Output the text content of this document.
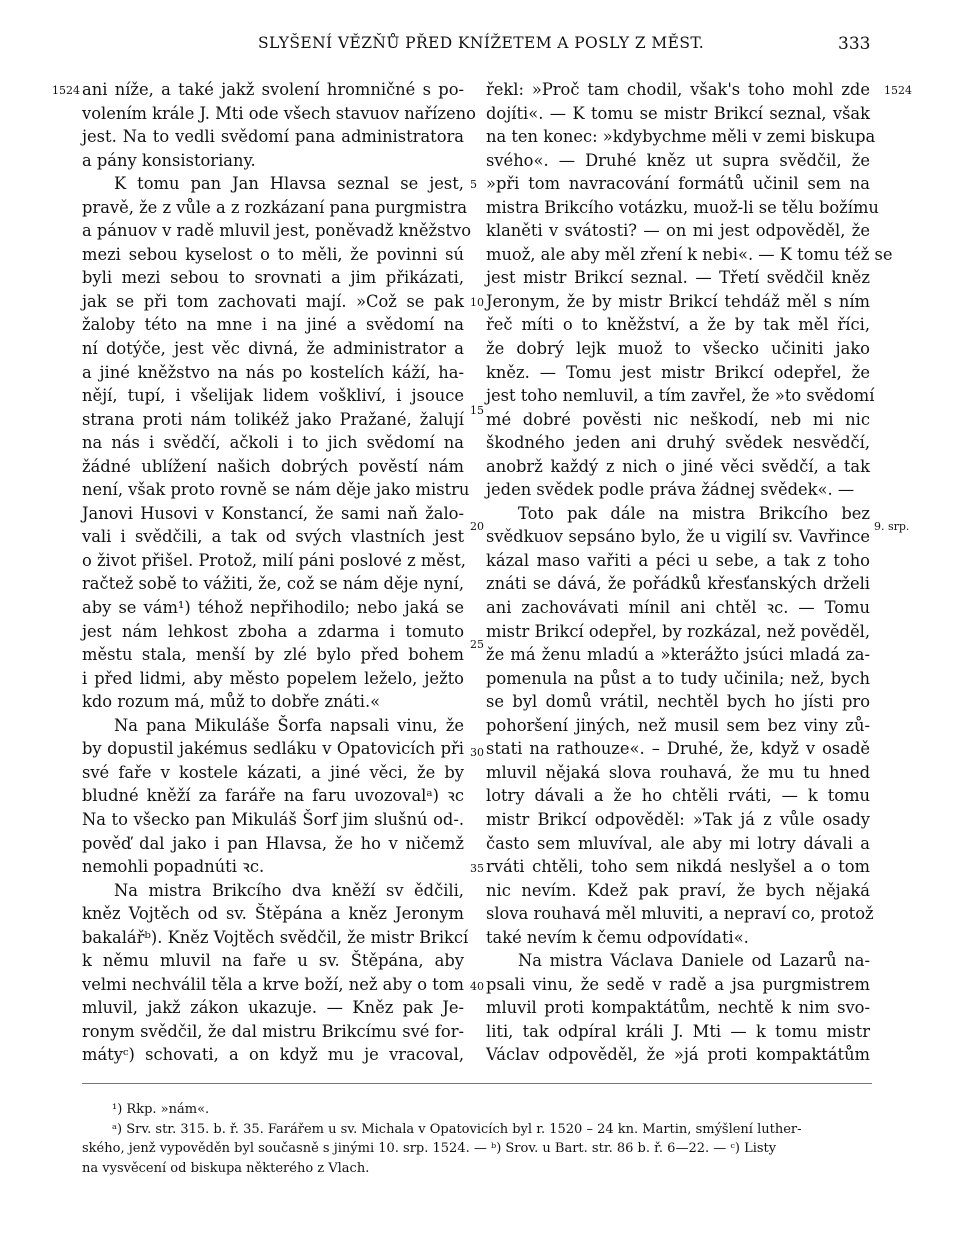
SLYŠENÍ VĚZŇŮ PŘED KNÍŽETEM A POSLY Z MĚST.	333
1524	1524
9. srp.
5
10
15
20
25
30
35
40
ani níže, a také jakž svolení hromničné s po-
volením krále J. Mti ode všech stavuov nařízeno
jest. Na to vedli svědomí pana administratora
a pány konsistoriany.
K tomu pan Jan Hlavsa seznal se jest,
pravě, že z vůle a z rozkázaní pana purgmistra
a pánuov v radě mluvil jest, poněvadž kněžstvo
mezi sebou kyselost o to měli, že povinni sú
byli mezi sebou to srovnati a jim přikázati,
jak se při tom zachovati mají. »Což se pak
žaloby této na mne i na jiné a svědomí na
ní dotýče, jest věc divná, že administrator a
a jiné kněžstvo na nás po kostelích káží, ha-
nějí, tupí, i všelijak lidem voškliví, i jsouce
strana proti nám tolikéž jako Pražané, žalují
na nás i svědčí, ačkoli i to jich svědomí na
žádné ublížení našich dobrých pověstí nám
není, však proto rovně se nám děje jako mistru
Janovi Husovi v Konstancí, že sami naň žalo-
vali i svědčili, a tak od svých vlastních jest
o život přišel. Protož, milí páni poslové z měst,
račtež sobě to vážiti, že, což se nám děje nyní,
aby se vám¹) téhož nepřihodilo; nebo jaká se
jest nám lehkost zboha a zdarma i tomuto
městu stala, menší by zlé bylo před bohem
i před lidmi, aby město popelem leželo, ježto
kdo rozum má, můž to dobře znáti.«
Na pana Mikuláše Šorfa napsali vinu, že
by dopustil jakémus sedláku v Opatovicích při
své faře v kostele kázati, a jiné věci, že by
bludné kněží za faráře na faru uvozovalᵃ) ꝛc
Na to všecko pan Mikuláš Šorf jim slušnú od-.
pověď dal jako i pan Hlavsa, že ho v ničemž
nemohli popadnúti ꝛc.
Na mistra Brikcího dva kněží sv ědčili,
kněz Vojtěch od sv. Štěpána a kněz Jeronym
bakalářᵇ). Kněz Vojtěch svědčil, že mistr Brikcí
k němu mluvil na faře u sv. Štěpána, aby
velmi nechválil těla a krve boží, než aby o tom
mluvil, jakž zákon ukazuje. — Kněz pak Je-
ronym svědčil, že dal mistru Brikcímu své for-
mátyᶜ) schovati, a on když mu je vracoval,
řekl: »Proč tam chodil, však's toho mohl zde
dojíti«. — K tomu se mistr Brikcí seznal, však
na ten konec: »kdybychme měli v zemi biskupa
svého«. — Druhé kněz ut supra svědčil, že
»při tom navracování formátů učinil sem na
mistra Brikcího votázku, muož-li se tělu božímu
klaněti v svátosti? — on mi jest odpověděl, že
muož, ale aby měl zření k nebi«. — K tomu též se
jest mistr Brikcí seznal. — Třetí svědčil kněz
Jeronym, že by mistr Brikcí tehdáž měl s ním
řeč míti o to kněžství, a že by tak měl říci,
že dobrý lejk muož to všecko učiniti jako
kněz. — Tomu jest mistr Brikcí odepřel, že
jest toho nemluvil, a tím zavřel, že »to svědomí
mé dobré pověsti nic neškodí, neb mi nic
škodného jeden ani druhý svědek nesvědčí,
anobrž každý z nich o jiné věci svědčí, a tak
jeden svědek podle práva žádnej svědek«. —
Toto pak dále na mistra Brikcího bez
svědkuov sepsáno bylo, že u vigilí sv. Vavřince
kázal maso vařiti a péci u sebe, a tak z toho
znáti se dává, že pořádků křesťanských drželi
ani zachovávati mínil ani chtěl ꝛc. — Tomu
mistr Brikcí odepřel, by rozkázal, než pověděl,
že má ženu mladú a »kterážto jsúci mladá za-
pomenula na půst a to tudy učinila; než, bych
se byl domů vrátil, nechtěl bych ho jísti pro
pohoršení jiných, než musil sem bez viny zů-
stati na rathouze«. – Druhé, že, když v osadě
mluvil nějaká slova rouhavá, že mu tu hned
lotry dávali a že ho chtěli rváti, — k tomu
mistr Brikcí odpověděl: »Tak já z vůle osady
často sem mluvíval, ale aby mi lotry dávali a
rváti chtěli, toho sem nikdá neslyšel a o tom
nic nevím. Kdež pak praví, že bych nějaká
slova rouhavá měl mluviti, a nepraví co, protož
také nevím k čemu odpovídati«.
Na mistra Václava Daniele od Lazarů na-
psali vinu, že sedě v radě a jsa purgmistrem
mluvil proti kompaktátům, nechtě k nim svo-
liti, tak odpíral králi J. Mti — k tomu mistr
Václav odpověděl, že »já proti kompaktátům
¹) Rkp. »nám«.
ᵃ) Srv. str. 315. b. ř. 35. Farářem u sv. Michala v Opatovicích byl r. 1520 – 24 kn. Martin, smýšlení luther-
ského, jenž vypověděn byl současně s jinými 10. srp. 1524. — ᵇ) Srov. u Bart. str. 86 b. ř. 6—22. — ᶜ) Listy
na vysvěcení od biskupa některého z Vlach.
